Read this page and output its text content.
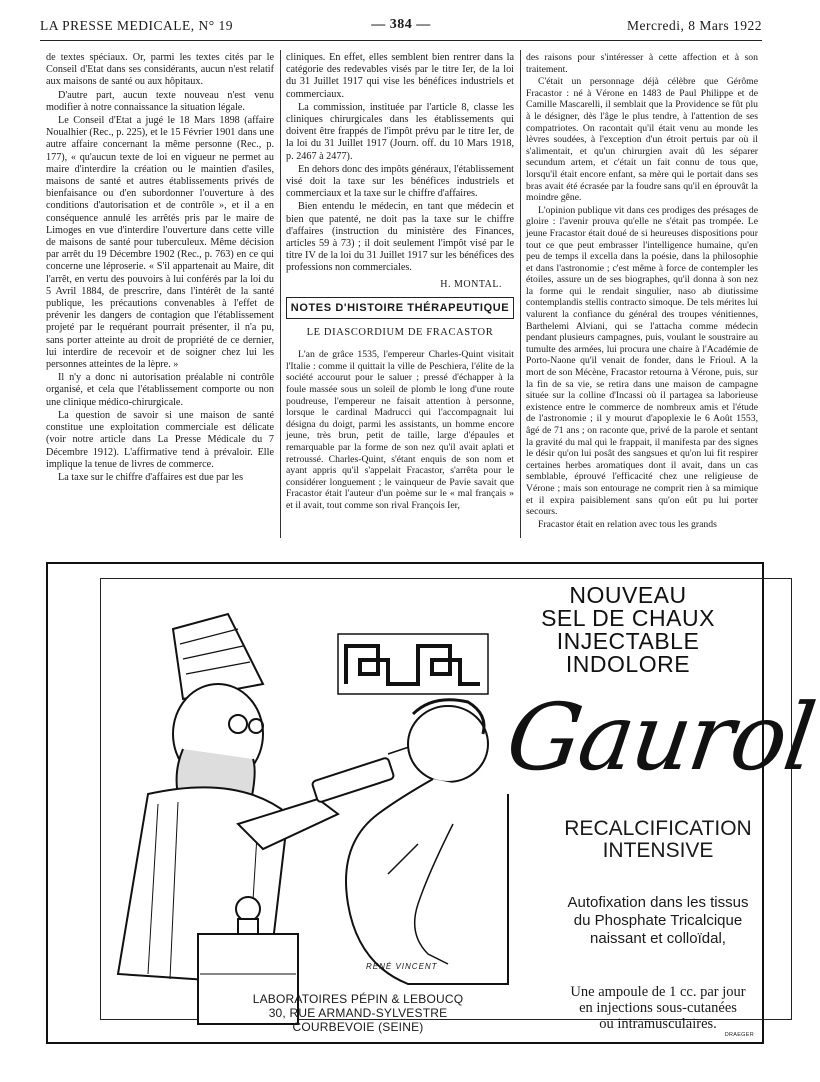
LA PRESSE MEDICALE, N° 19	— 384 —	Mercredi, 8 Mars 1922

de textes spéciaux. Or, parmi les textes cités par le Conseil d'Etat dans ses considérants, aucun n'est relatif aux maisons de santé ou aux hôpitaux.

D'autre part, aucun texte nouveau n'est venu modifier à notre connaissance la situation légale.

Le Conseil d'Etat a jugé le 18 Mars 1898 (affaire Noualhier (Rec., p. 225), et le 15 Février 1901 dans une autre affaire concernant la même personne (Rec., p. 177), « qu'aucun texte de loi en vigueur ne permet au maire d'interdire la création ou le maintien d'asiles, maisons de santé et autres établissements privés de bienfaisance ou d'en subordonner l'ouverture à des conditions d'autorisation et de contrôle », et il a en conséquence annulé les arrêtés pris par le maire de Limoges en vue d'interdire l'ouverture dans cette ville de maisons de santé pour tuberculeux. Même décision par arrêt du 19 Décembre 1902 (Rec., p. 763) en ce qui concerne une léproserie. « S'il appartenait au Maire, dit l'arrêt, en vertu des pouvoirs à lui conférés par la loi du 5 Avril 1884, de prescrire, dans l'intérêt de la santé publique, les précautions convenables à l'effet de prévenir les dangers de contagion que l'établissement projeté par le requérant pourrait présenter, il n'a pu, sans porter atteinte au droit de propriété de ce dernier, lui interdire de recevoir et de soigner chez lui les personnes atteintes de la lèpre. »

Il n'y a donc ni autorisation préalable ni contrôle organisé, et cela que l'établissement comporte ou non une clinique médico-chirurgicale.

La question de savoir si une maison de santé constitue une exploitation commerciale est délicate (voir notre article dans La Presse Médicale du 7 Décembre 1912). L'affirmative tend à prévaloir. Elle implique la tenue de livres de commerce.

La taxe sur le chiffre d'affaires est due par les

cliniques. En effet, elles semblent bien rentrer dans la catégorie des redevables visés par le titre Ier, de la loi du 31 Juillet 1917 qui vise les bénéfices industriels et commerciaux.

La commission, instituée par l'article 8, classe les cliniques chirurgicales dans les établissements qui doivent être frappés de l'impôt prévu par le titre Ier, de la loi du 31 Juillet 1917 (Journ. off. du 10 Mars 1918, p. 2467 à 2477).

En dehors donc des impôts généraux, l'établissement visé doit la taxe sur les bénéfices industriels et commerciaux et la taxe sur le chiffre d'affaires.

Bien entendu le médecin, en tant que médecin et bien que patenté, ne doit pas la taxe sur le chiffre d'affaires (instruction du ministère des Finances, articles 59 à 73) ; il doit seulement l'impôt visé par le titre IV de la loi du 31 Juillet 1917 sur les bénéfices des professions non commerciales.

H. MONTAL.
NOTES D'HISTOIRE THÉRAPEUTIQUE
LE DIASCORDIUM DE FRACASTOR

L'an de grâce 1535, l'empereur Charles-Quint visitait l'Italie : comme il quittait la ville de Peschiera, l'élite de la société accourut pour le saluer ; pressé d'échapper à la foule massée sous un soleil de plomb le long d'une route poudreuse, l'empereur ne faisait attention à personne, lorsque le cardinal Madrucci qui l'accompagnait lui désigna du doigt, parmi les assistants, un homme encore jeune, très brun, petit de taille, large d'épaules et remarquable par la forme de son nez qu'il avait aplati et retroussé. Charles-Quint, s'étant enquis de son nom et ayant appris qu'il s'appelait Fracastor, s'arrêta pour le considérer longuement ; le vainqueur de Pavie savait que Fracastor était l'auteur d'un poème sur le « mal français » et il avait, tout comme son rival François Ier,

des raisons pour s'intéresser à cette affection et à son traitement.

C'était un personnage déjà célèbre que Gérôme Fracastor : né à Vérone en 1483 de Paul Philippe et de Camille Mascarelli, il semblait que la Providence se fût plu à le désigner, dès l'âge le plus tendre, à l'attention de ses compatriotes. On racontait qu'il était venu au monde les lèvres soudées, à l'exception d'un étroit pertuis par où il s'alimentait, et qu'un chirurgien avait dû les séparer secundum artem, et c'était un fait connu de tous que, lorsqu'il était encore enfant, sa mère qui le portait dans ses bras avait été écrasée par la foudre sans qu'il en éprouvât la moindre gêne.

L'opinion publique vit dans ces prodiges des présages de gloire : l'avenir prouva qu'elle ne s'était pas trompée. Le jeune Fracastor était doué de si heureuses dispositions pour tout ce que peut embrasser l'intelligence humaine, qu'en peu de temps il excella dans la poésie, dans la philosophie et dans l'astronomie ; c'est même à force de contempler les étoiles, assure un de ses biographes, qu'il donna à son nez la forme qui le rendait singulier, naso ab diutissime contemplandis stellis contracto simoque. De tels mérites lui valurent la confiance du général des troupes vénitiennes, Barthelemi Alviani, qui se l'attacha comme médecin pendant plusieurs campagnes, puis, voulant le soustraire au tumulte des armées, lui procura une chaire à l'Académie de Porto-Naone qu'il venait de fonder, dans le Frioul. A la mort de son Mécène, Fracastor retourna à Vérone, puis, sur la fin de sa vie, se retira dans une maison de campagne située sur la colline d'Incassi où il partagea sa laborieuse existence entre le commerce de nombreux amis et l'étude de l'astronomie ; il y mourut d'apoplexie le 6 Août 1553, âgé de 71 ans ; on raconte que, privé de la parole et sentant la gravité du mal qui le frappait, il manifesta par des signes le désir qu'on lui posât des sangsues et qu'on lui fit respirer certaines herbes aromatiques dont il avait, dans un cas semblable, éprouvé l'efficacité chez une religieuse de Vérone ; mais son entourage ne comprit rien à sa mimique et il expira paisiblement sans qu'on eût pu lui porter secours.

Fracastor était en relation avec tous les grands

NOUVEAU
SEL DE CHAUX
INJECTABLE
INDOLORE
Gaurol
RECALCIFICATION
INTENSIVE
Autofixation dans les tissus
du Phosphate Tricalcique
naissant et colloïdal,
Une ampoule de 1 cc. par jour
en injections sous-cutanées
ou intramusculaires.
LABORATOIRES PÉPIN & LEBOUCQ
30, RUE ARMAND-SYLVESTRE
COURBEVOIE (SEINE)
RENÉ VINCENT
DRAEGER
